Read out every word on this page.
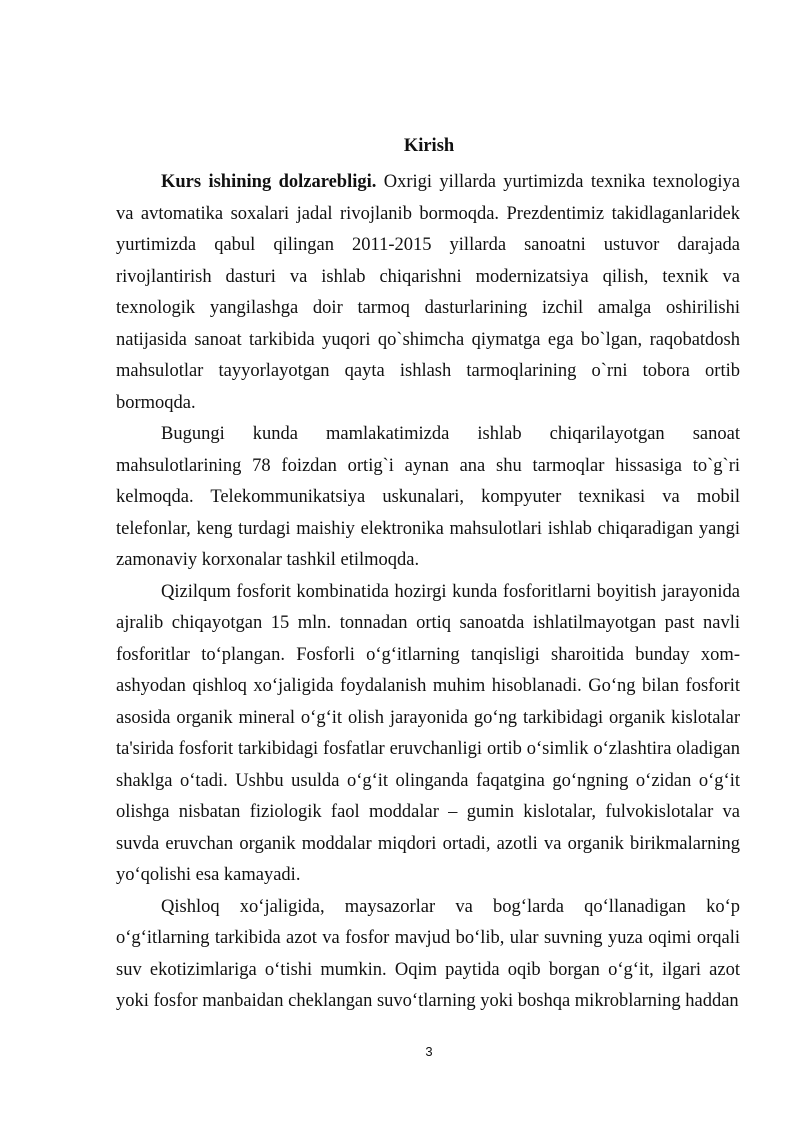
Kirish

Kurs ishining dolzarebligi. Oxrigi yillarda yurtimizda texnika texnologiya va avtomatika soxalari jadal rivojlanib bormoqda. Prezdentimiz takidlaganlaridek yurtimizda qabul qilingan 2011-2015 yillarda sanoatni ustuvor darajada rivojlantirish dasturi va ishlab chiqarishni modernizatsiya qilish, texnik va texnologik yangilashga doir tarmoq dasturlarining izchil amalga oshirilishi natijasida sanoat tarkibida yuqori qo`shimcha qiymatga ega bo`lgan, raqobatdosh mahsulotlar tayyorlayotgan qayta ishlash tarmoqlarining o`rni tobora ortib bormoqda.

Bugungi kunda mamlakatimizda ishlab chiqarilayotgan sanoat mahsulotlarining 78 foizdan ortig`i aynan ana shu tarmoqlar hissasiga to`g`ri kelmoqda. Telekommunikatsiya uskunalari, kompyuter texnikasi va mobil telefonlar, keng turdagi maishiy elektronika mahsulotlari ishlab chiqaradigan yangi zamonaviy korxonalar tashkil etilmoqda.

Qizilqum fosforit kombinatida hozirgi kunda fosforitlarni boyitish jarayonida ajralib chiqayotgan 15 mln. tonnadan ortiq sanoatda ishlatilmayotgan past navli fosforitlar to‘plangan. Fosforli o‘g‘itlarning tanqisligi sharoitida bunday xom-ashyodan qishloq xo‘jaligida foydalanish muhim hisoblanadi. Go‘ng bilan fosforit asosida organik mineral o‘g‘it olish jarayonida go‘ng tarkibidagi organik kislotalar ta'sirida fosforit tarkibidagi fosfatlar eruvchanligi ortib o‘simlik o‘zlashtira oladigan shaklga o‘tadi. Ushbu usulda o‘g‘it olinganda faqatgina go‘ngning o‘zidan o‘g‘it olishga nisbatan fiziologik faol moddalar – gumin kislotalar, fulvokislotalar va suvda eruvchan organik moddalar miqdori ortadi, azotli va organik birikmalarning yo‘qolishi esa kamayadi.

Qishloq xo‘jaligida, maysazorlar va bog‘larda qo‘llanadigan ko‘p o‘g‘itlarning tarkibida azot va fosfor mavjud bo‘lib, ular suvning yuza oqimi orqali suv ekotizimlariga o‘tishi mumkin. Oqim paytida oqib borgan o‘g‘it, ilgari azot yoki fosfor manbaidan cheklangan suvo‘tlarning yoki boshqa mikroblarning haddan

3
